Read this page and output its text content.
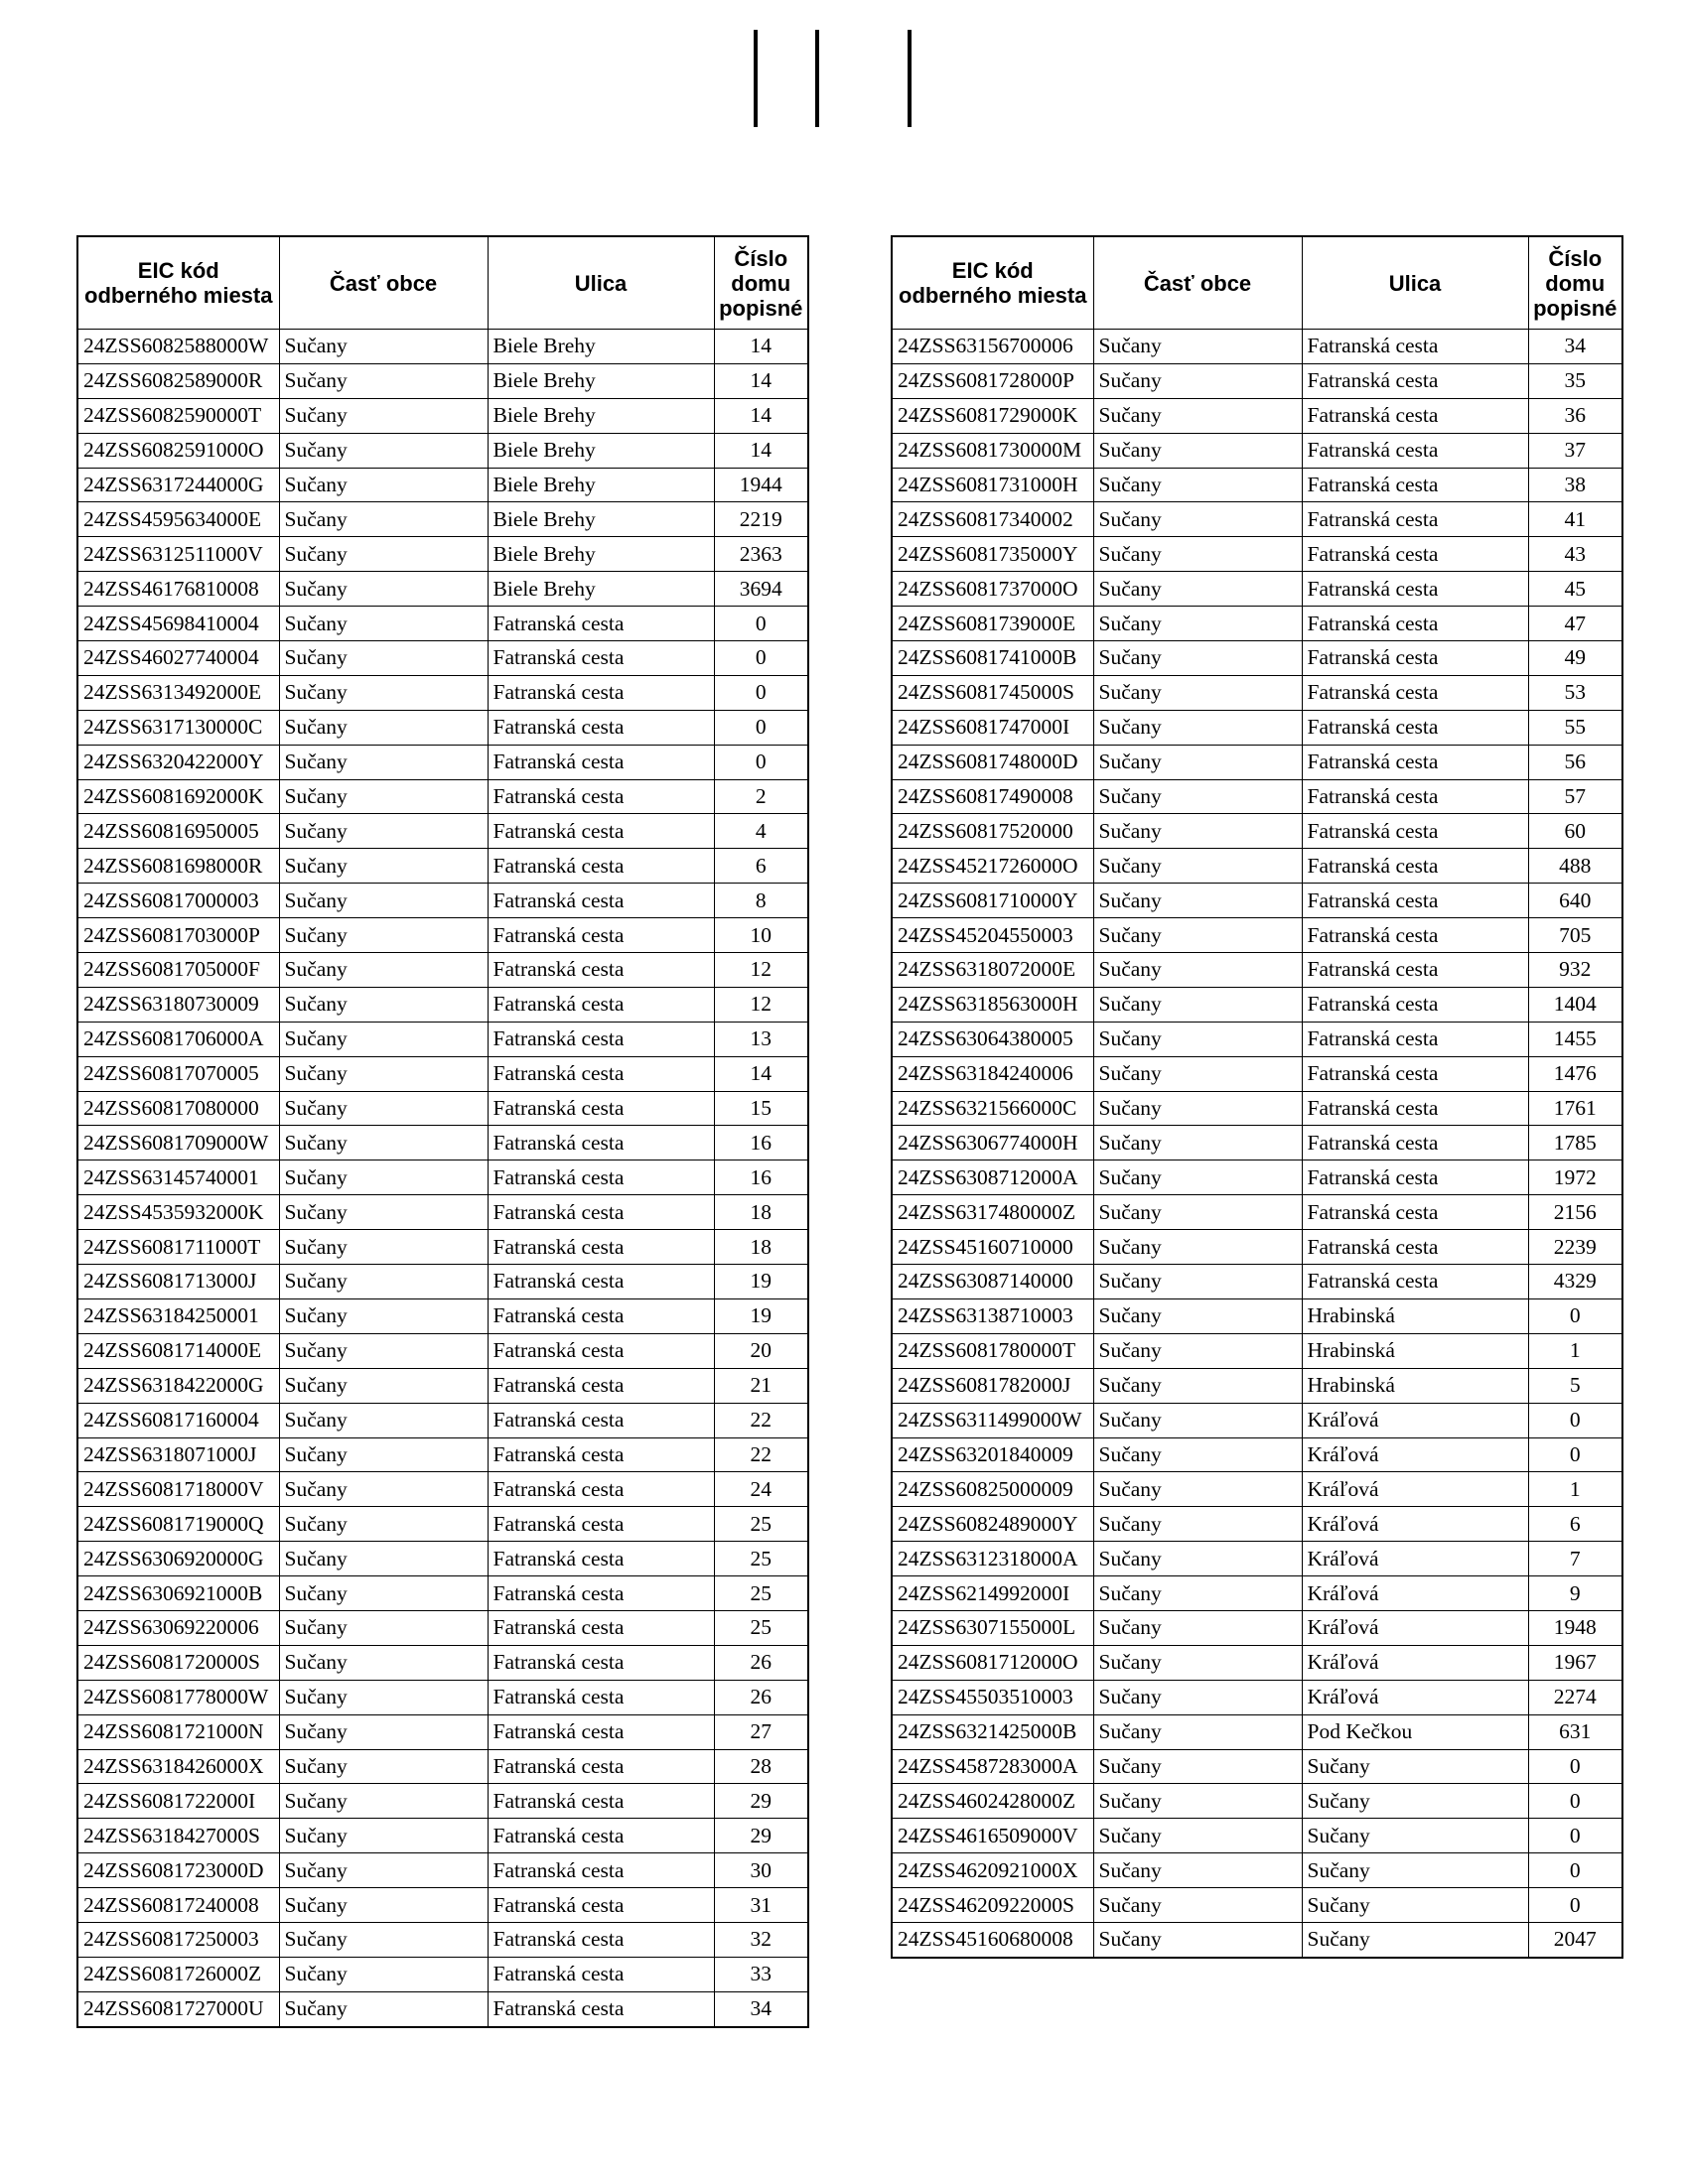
EIC kód odberného miesta	Časť obce	Ulica	Číslo domu popisné
24ZSS6082588000W	Sučany	Biele Brehy	14
24ZSS6082589000R	Sučany	Biele Brehy	14
24ZSS6082590000T	Sučany	Biele Brehy	14
24ZSS6082591000O	Sučany	Biele Brehy	14
24ZSS6317244000G	Sučany	Biele Brehy	1944
24ZSS4595634000E	Sučany	Biele Brehy	2219
24ZSS6312511000V	Sučany	Biele Brehy	2363
24ZSS46176810008	Sučany	Biele Brehy	3694
24ZSS45698410004	Sučany	Fatranská cesta	0
24ZSS46027740004	Sučany	Fatranská cesta	0
24ZSS6313492000E	Sučany	Fatranská cesta	0
24ZSS6317130000C	Sučany	Fatranská cesta	0
24ZSS6320422000Y	Sučany	Fatranská cesta	0
24ZSS6081692000K	Sučany	Fatranská cesta	2
24ZSS60816950005	Sučany	Fatranská cesta	4
24ZSS6081698000R	Sučany	Fatranská cesta	6
24ZSS60817000003	Sučany	Fatranská cesta	8
24ZSS6081703000P	Sučany	Fatranská cesta	10
24ZSS6081705000F	Sučany	Fatranská cesta	12
24ZSS63180730009	Sučany	Fatranská cesta	12
24ZSS6081706000A	Sučany	Fatranská cesta	13
24ZSS60817070005	Sučany	Fatranská cesta	14
24ZSS60817080000	Sučany	Fatranská cesta	15
24ZSS6081709000W	Sučany	Fatranská cesta	16
24ZSS63145740001	Sučany	Fatranská cesta	16
24ZSS4535932000K	Sučany	Fatranská cesta	18
24ZSS6081711000T	Sučany	Fatranská cesta	18
24ZSS6081713000J	Sučany	Fatranská cesta	19
24ZSS63184250001	Sučany	Fatranská cesta	19
24ZSS6081714000E	Sučany	Fatranská cesta	20
24ZSS6318422000G	Sučany	Fatranská cesta	21
24ZSS60817160004	Sučany	Fatranská cesta	22
24ZSS6318071000J	Sučany	Fatranská cesta	22
24ZSS6081718000V	Sučany	Fatranská cesta	24
24ZSS6081719000Q	Sučany	Fatranská cesta	25
24ZSS6306920000G	Sučany	Fatranská cesta	25
24ZSS6306921000B	Sučany	Fatranská cesta	25
24ZSS63069220006	Sučany	Fatranská cesta	25
24ZSS6081720000S	Sučany	Fatranská cesta	26
24ZSS6081778000W	Sučany	Fatranská cesta	26
24ZSS6081721000N	Sučany	Fatranská cesta	27
24ZSS6318426000X	Sučany	Fatranská cesta	28
24ZSS6081722000I	Sučany	Fatranská cesta	29
24ZSS6318427000S	Sučany	Fatranská cesta	29
24ZSS6081723000D	Sučany	Fatranská cesta	30
24ZSS60817240008	Sučany	Fatranská cesta	31
24ZSS60817250003	Sučany	Fatranská cesta	32
24ZSS6081726000Z	Sučany	Fatranská cesta	33
24ZSS6081727000U	Sučany	Fatranská cesta	34
EIC kód odberného miesta	Časť obce	Ulica	Číslo domu popisné
24ZSS63156700006	Sučany	Fatranská cesta	34
24ZSS6081728000P	Sučany	Fatranská cesta	35
24ZSS6081729000K	Sučany	Fatranská cesta	36
24ZSS6081730000M	Sučany	Fatranská cesta	37
24ZSS6081731000H	Sučany	Fatranská cesta	38
24ZSS60817340002	Sučany	Fatranská cesta	41
24ZSS6081735000Y	Sučany	Fatranská cesta	43
24ZSS6081737000O	Sučany	Fatranská cesta	45
24ZSS6081739000E	Sučany	Fatranská cesta	47
24ZSS6081741000B	Sučany	Fatranská cesta	49
24ZSS6081745000S	Sučany	Fatranská cesta	53
24ZSS6081747000I	Sučany	Fatranská cesta	55
24ZSS6081748000D	Sučany	Fatranská cesta	56
24ZSS60817490008	Sučany	Fatranská cesta	57
24ZSS60817520000	Sučany	Fatranská cesta	60
24ZSS4521726000O	Sučany	Fatranská cesta	488
24ZSS6081710000Y	Sučany	Fatranská cesta	640
24ZSS45204550003	Sučany	Fatranská cesta	705
24ZSS6318072000E	Sučany	Fatranská cesta	932
24ZSS6318563000H	Sučany	Fatranská cesta	1404
24ZSS63064380005	Sučany	Fatranská cesta	1455
24ZSS63184240006	Sučany	Fatranská cesta	1476
24ZSS6321566000C	Sučany	Fatranská cesta	1761
24ZSS6306774000H	Sučany	Fatranská cesta	1785
24ZSS6308712000A	Sučany	Fatranská cesta	1972
24ZSS6317480000Z	Sučany	Fatranská cesta	2156
24ZSS45160710000	Sučany	Fatranská cesta	2239
24ZSS63087140000	Sučany	Fatranská cesta	4329
24ZSS63138710003	Sučany	Hrabinská	0
24ZSS6081780000T	Sučany	Hrabinská	1
24ZSS6081782000J	Sučany	Hrabinská	5
24ZSS6311499000W	Sučany	Kráľová	0
24ZSS63201840009	Sučany	Kráľová	0
24ZSS60825000009	Sučany	Kráľová	1
24ZSS6082489000Y	Sučany	Kráľová	6
24ZSS6312318000A	Sučany	Kráľová	7
24ZSS6214992000I	Sučany	Kráľová	9
24ZSS6307155000L	Sučany	Kráľová	1948
24ZSS6081712000O	Sučany	Kráľová	1967
24ZSS45503510003	Sučany	Kráľová	2274
24ZSS6321425000B	Sučany	Pod Kečkou	631
24ZSS4587283000A	Sučany	Sučany	0
24ZSS4602428000Z	Sučany	Sučany	0
24ZSS4616509000V	Sučany	Sučany	0
24ZSS4620921000X	Sučany	Sučany	0
24ZSS4620922000S	Sučany	Sučany	0
24ZSS45160680008	Sučany	Sučany	2047
